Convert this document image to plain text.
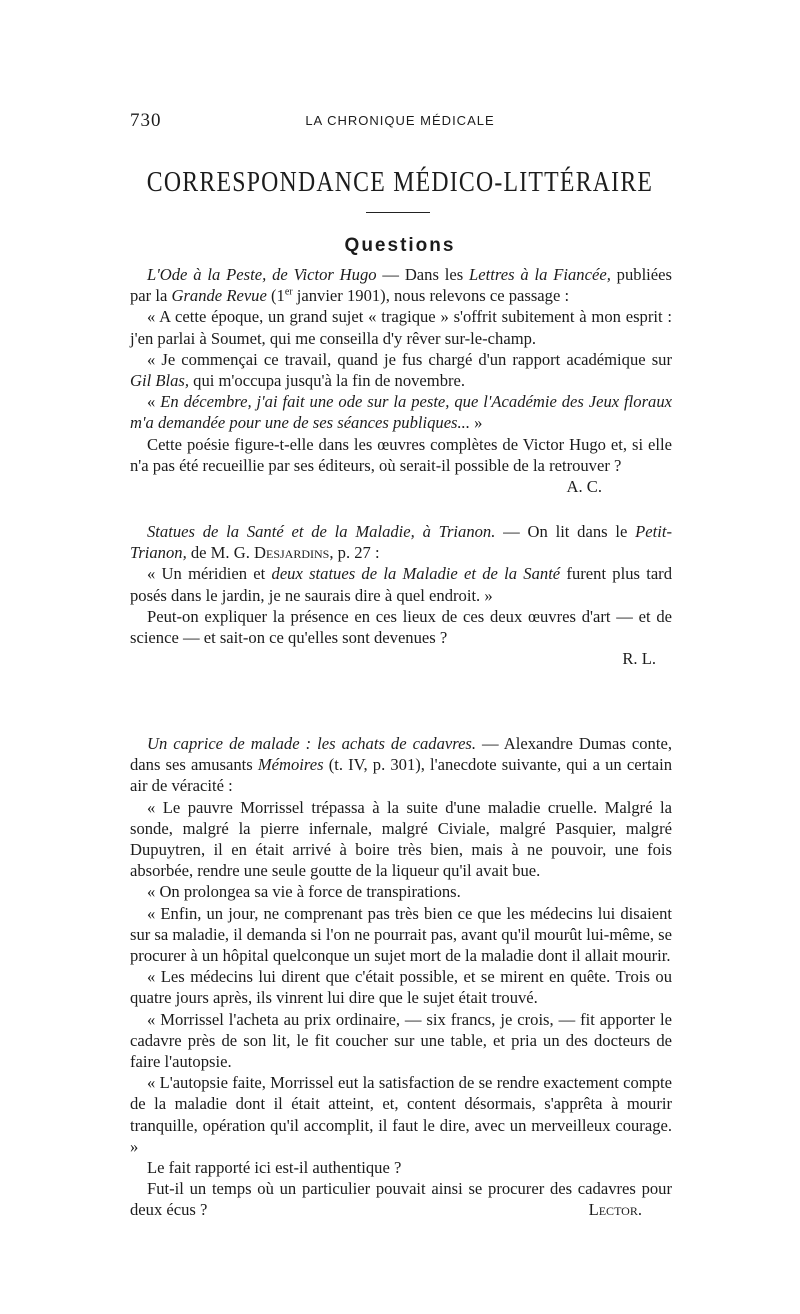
730	LA CHRONIQUE MÉDICALE
CORRESPONDANCE MÉDICO-LITTÉRAIRE
Questions

L'Ode à la Peste, de Victor Hugo — Dans les Lettres à la Fiancée, publiées par la Grande Revue (1er janvier 1901), nous relevons ce passage :

« A cette époque, un grand sujet « tragique » s'offrit subitement à mon esprit : j'en parlai à Soumet, qui me conseilla d'y rêver sur-le-champ.

« Je commençai ce travail, quand je fus chargé d'un rapport académique sur Gil Blas, qui m'occupa jusqu'à la fin de novembre.

« En décembre, j'ai fait une ode sur la peste, que l'Académie des Jeux floraux m'a demandée pour une de ses séances publiques... »

Cette poésie figure-t-elle dans les œuvres complètes de Victor Hugo et, si elle n'a pas été recueillie par ses éditeurs, où serait-il possible de la retrouver ?
A. C.

Statues de la Santé et de la Maladie, à Trianon. — On lit dans le Petit-Trianon, de M. G. Desjardins, p. 27 :

« Un méridien et deux statues de la Maladie et de la Santé furent plus tard posés dans le jardin, je ne saurais dire à quel endroit. »

Peut-on expliquer la présence en ces lieux de ces deux œuvres d'art — et de science — et sait-on ce qu'elles sont devenues ?

R. L.

Un caprice de malade : les achats de cadavres. — Alexandre Dumas conte, dans ses amusants Mémoires (t. IV, p. 301), l'anecdote suivante, qui a un certain air de véracité :

« Le pauvre Morrissel trépassa à la suite d'une maladie cruelle. Malgré la sonde, malgré la pierre infernale, malgré Civiale, malgré Pasquier, malgré Dupuytren, il en était arrivé à boire très bien, mais à ne pouvoir, une fois absorbée, rendre une seule goutte de la liqueur qu'il avait bue.

« On prolongea sa vie à force de transpirations.

« Enfin, un jour, ne comprenant pas très bien ce que les médecins lui disaient sur sa maladie, il demanda si l'on ne pourrait pas, avant qu'il mourût lui-même, se procurer à un hôpital quelconque un sujet mort de la maladie dont il allait mourir.

« Les médecins lui dirent que c'était possible, et se mirent en quête. Trois ou quatre jours après, ils vinrent lui dire que le sujet était trouvé.

« Morrissel l'acheta au prix ordinaire, — six francs, je crois, — fit apporter le cadavre près de son lit, le fit coucher sur une table, et pria un des docteurs de faire l'autopsie.

« L'autopsie faite, Morrissel eut la satisfaction de se rendre exactement compte de la maladie dont il était atteint, et, content désormais, s'apprêta à mourir tranquille, opération qu'il accomplit, il faut le dire, avec un merveilleux courage. »

Le fait rapporté ici est-il authentique ?

Fut-il un temps où un particulier pouvait ainsi se procurer des cadavres pour deux écus ?	Lector.
